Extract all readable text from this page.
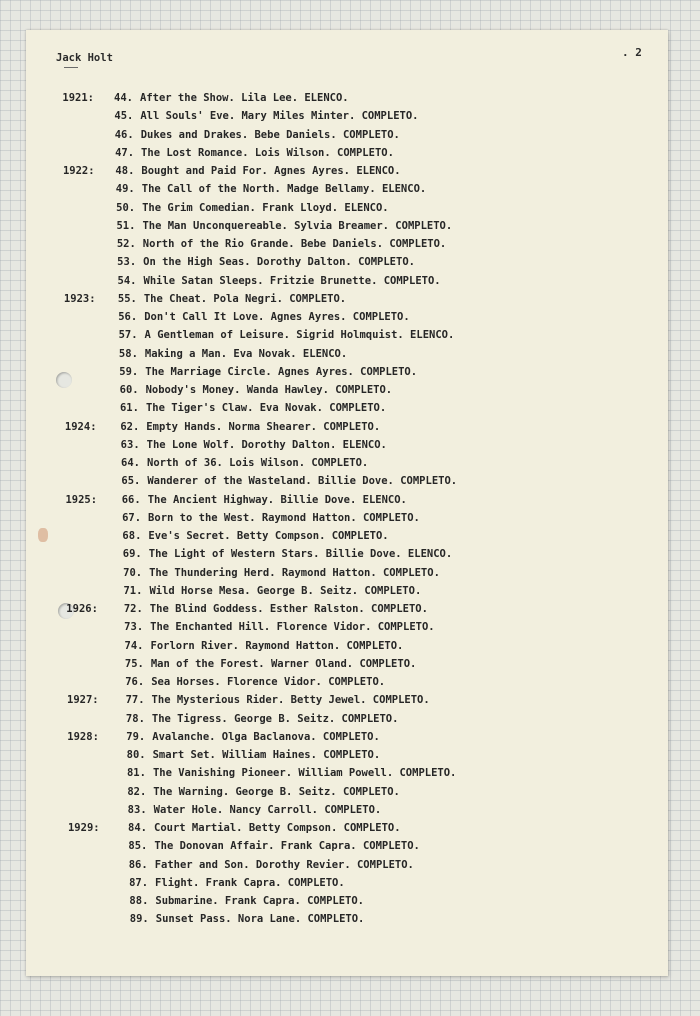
Jack Holt	. 2
1921:	44. After the Show. Lila Lee. ELENCO.
45. All Souls' Eve. Mary Miles Minter. COMPLETO.
46. Dukes and Drakes. Bebe Daniels. COMPLETO.
47. The Lost Romance. Lois Wilson. COMPLETO.
1922:	48. Bought and Paid For. Agnes Ayres. ELENCO.
49. The Call of the North. Madge Bellamy. ELENCO.
50. The Grim Comedian. Frank Lloyd. ELENCO.
51. The Man Unconquereable. Sylvia Breamer. COMPLETO.
52. North of the Rio Grande. Bebe Daniels. COMPLETO.
53. On the High Seas. Dorothy Dalton. COMPLETO.
54. While Satan Sleeps. Fritzie Brunette. COMPLETO.
1923:	55. The Cheat. Pola Negri. COMPLETO.
56. Don't Call It Love. Agnes Ayres. COMPLETO.
57. A Gentleman of Leisure. Sigrid Holmquist. ELENCO.
58. Making a Man. Eva Novak. ELENCO.
59. The Marriage Circle. Agnes Ayres. COMPLETO.
60. Nobody's Money. Wanda Hawley. COMPLETO.
61. The Tiger's Claw. Eva Novak. COMPLETO.
1924:	62. Empty Hands. Norma Shearer. COMPLETO.
63. The Lone Wolf. Dorothy Dalton. ELENCO.
64. North of 36. Lois Wilson. COMPLETO.
65. Wanderer of the Wasteland. Billie Dove. COMPLETO.
1925:	66. The Ancient Highway. Billie Dove. ELENCO.
67. Born to the West. Raymond Hatton. COMPLETO.
68. Eve's Secret. Betty Compson. COMPLETO.
69. The Light of Western Stars. Billie Dove. ELENCO.
70. The Thundering Herd. Raymond Hatton. COMPLETO.
71. Wild Horse Mesa. George B. Seitz. COMPLETO.
1926:	72. The Blind Goddess. Esther Ralston. COMPLETO.
73. The Enchanted Hill. Florence Vidor. COMPLETO.
74. Forlorn River. Raymond Hatton. COMPLETO.
75. Man of the Forest. Warner Oland. COMPLETO.
76. Sea Horses. Florence Vidor. COMPLETO.
1927:	77. The Mysterious Rider. Betty Jewel. COMPLETO.
78. The Tigress. George B. Seitz. COMPLETO.
1928:	79. Avalanche. Olga Baclanova. COMPLETO.
80. Smart Set. William Haines. COMPLETO.
81. The Vanishing Pioneer. William Powell. COMPLETO.
82. The Warning. George B. Seitz. COMPLETO.
83. Water Hole. Nancy Carroll. COMPLETO.
1929:	84. Court Martial. Betty Compson. COMPLETO.
85. The Donovan Affair. Frank Capra. COMPLETO.
86. Father and Son. Dorothy Revier. COMPLETO.
87. Flight. Frank Capra. COMPLETO.
88. Submarine. Frank Capra. COMPLETO.
89. Sunset Pass. Nora Lane. COMPLETO.
